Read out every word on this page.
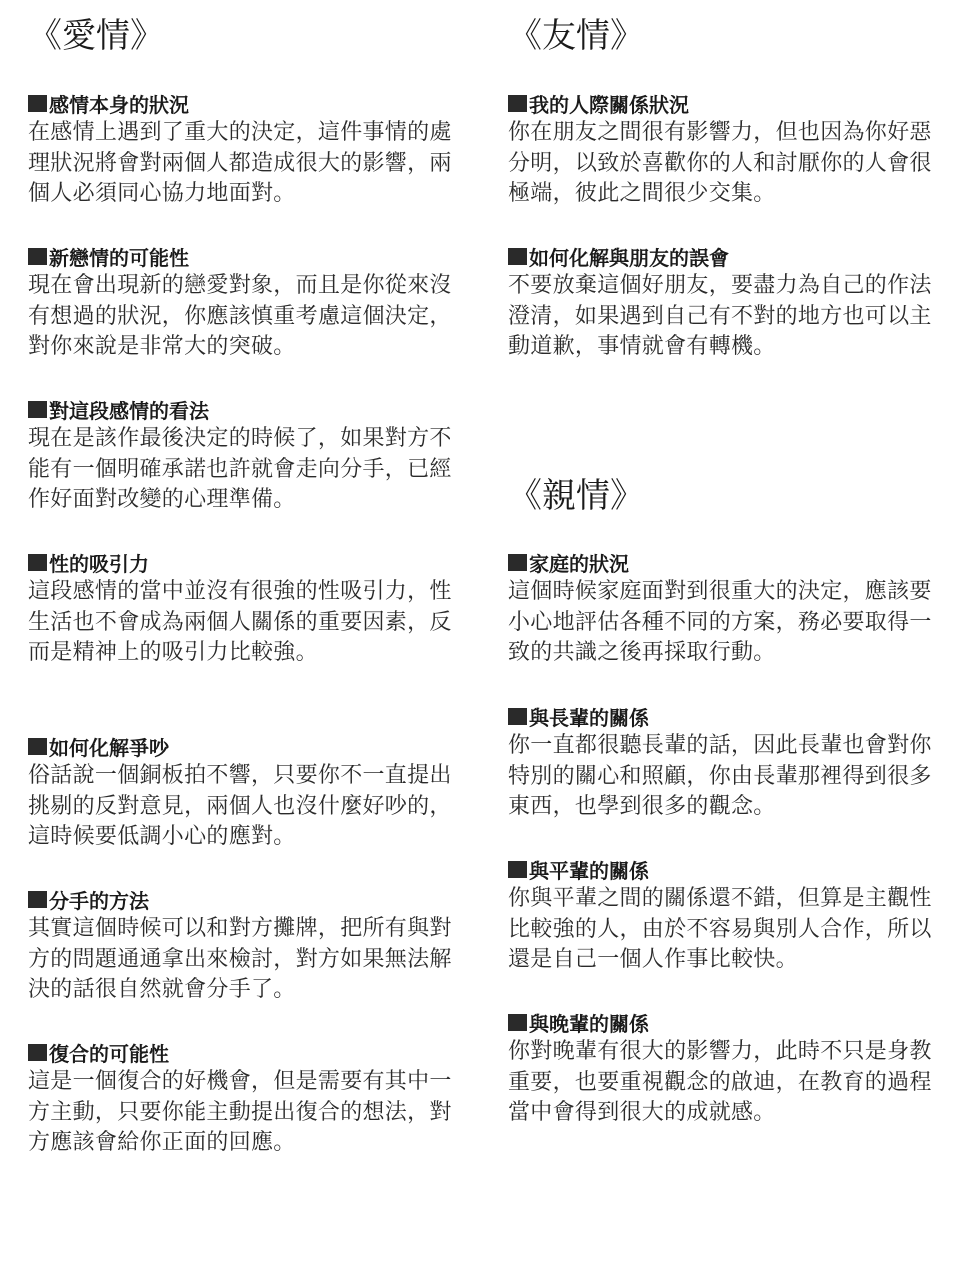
《愛情》
感情本身的狀況
在感情上遇到了重大的決定，這件事情的處理狀況將會對兩個人都造成很大的影響，兩個人必須同心協力地面對。
新戀情的可能性
現在會出現新的戀愛對象，而且是你從來沒有想過的狀況，你應該慎重考慮這個決定，對你來說是非常大的突破。
對這段感情的看法
現在是該作最後決定的時候了，如果對方不能有一個明確承諾也許就會走向分手，已經作好面對改變的心理準備。
性的吸引力
這段感情的當中並沒有很強的性吸引力，性生活也不會成為兩個人關係的重要因素，反而是精神上的吸引力比較強。
如何化解爭吵
俗話說一個銅板拍不響，只要你不一直提出挑剔的反對意見，兩個人也沒什麼好吵的，這時候要低調小心的應對。
分手的方法
其實這個時候可以和對方攤牌，把所有與對方的問題通通拿出來檢討，對方如果無法解決的話很自然就會分手了。
復合的可能性
這是一個復合的好機會，但是需要有其中一方主動，只要你能主動提出復合的想法，對方應該會給你正面的回應。
《友情》
我的人際關係狀況
你在朋友之間很有影響力，但也因為你好惡分明，以致於喜歡你的人和討厭你的人會很極端，彼此之間很少交集。
如何化解與朋友的誤會
不要放棄這個好朋友，要盡力為自己的作法澄清，如果遇到自己有不對的地方也可以主動道歉，事情就會有轉機。
《親情》
家庭的狀況
這個時候家庭面對到很重大的決定，應該要小心地評估各種不同的方案，務必要取得一致的共識之後再採取行動。
與長輩的關係
你一直都很聽長輩的話，因此長輩也會對你特別的關心和照顧，你由長輩那裡得到很多東西，也學到很多的觀念。
與平輩的關係
你與平輩之間的關係還不錯，但算是主觀性比較強的人，由於不容易與別人合作，所以還是自己一個人作事比較快。
與晚輩的關係
你對晚輩有很大的影響力，此時不只是身教重要，也要重視觀念的啟迪，在教育的過程當中會得到很大的成就感。
